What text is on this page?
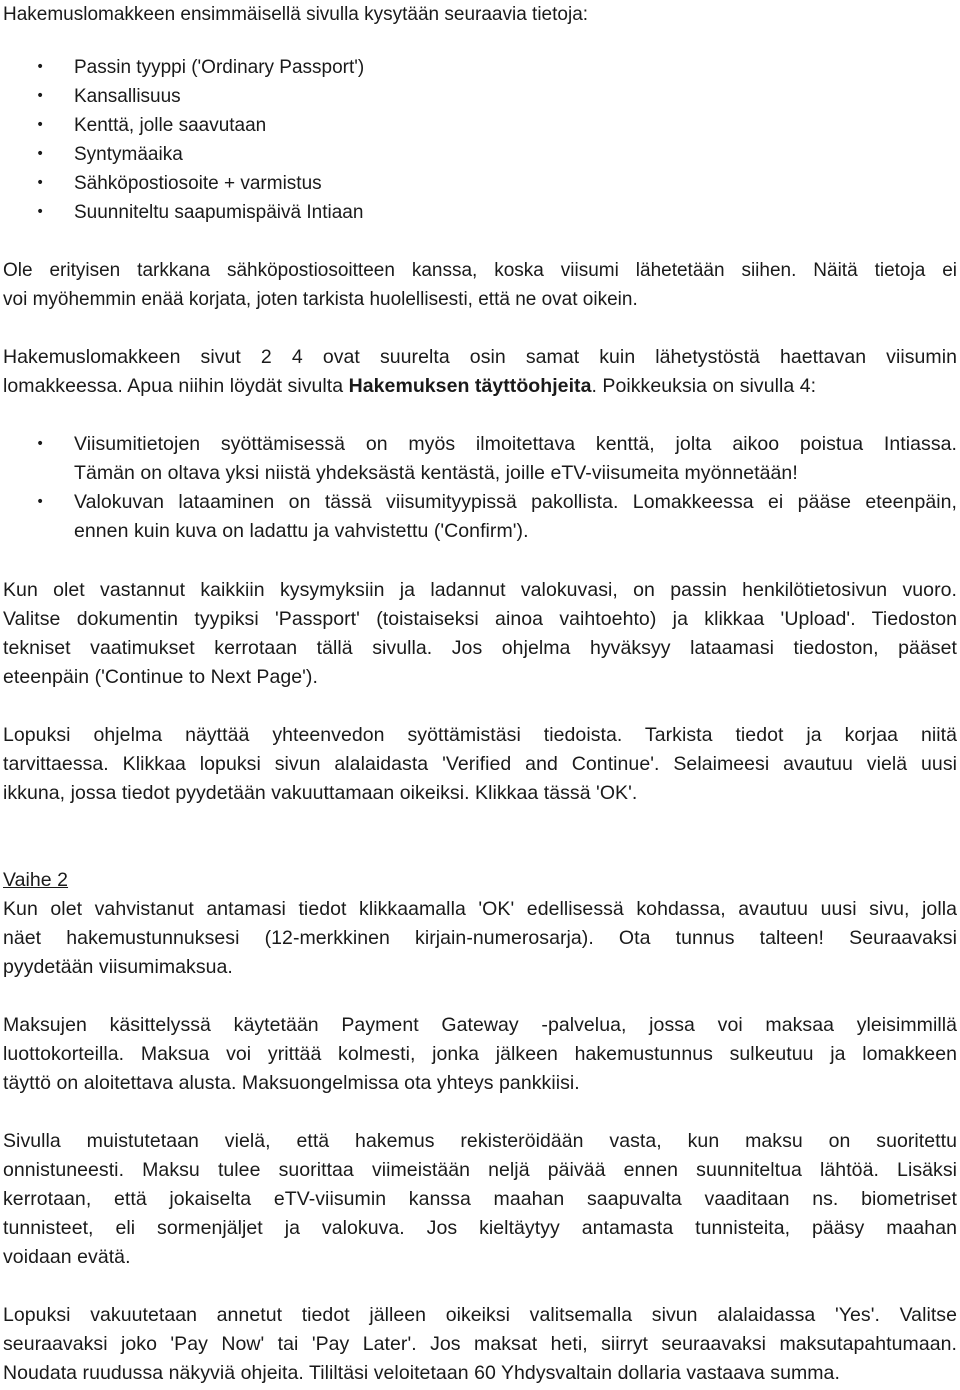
Hakemuslomakkeen ensimmäisellä sivulla kysytään seuraavia tietoja:
• Passin tyyppi ('Ordinary Passport')
• Kansallisuus
• Kenttä, jolle saavutaan
• Syntymäaika
• Sähköpostiosoite + varmistus
• Suunniteltu saapumispäivä Intiaan
Ole erityisen tarkkana sähköpostiosoitteen kanssa, koska viisumi lähetetään siihen. Näitä tietoja ei
voi myöhemmin enää korjata, joten tarkista huolellisesti, että ne ovat oikein.
Hakemuslomakkeen sivut 2 4 ovat suurelta osin samat kuin lähetystöstä haettavan viisumin
lomakkeessa. Apua niihin löydät sivulta Hakemuksen täyttöohjeita. Poikkeuksia on sivulla 4:
• Viisumitietojen syöttämisessä on myös ilmoitettava kenttä, jolta aikoo poistua Intiassa.
Tämän on oltava yksi niistä yhdeksästä kentästä, joille eTV-viisumeita myönnetään!
• Valokuvan lataaminen on tässä viisumityypissä pakollista. Lomakkeessa ei pääse eteenpäin,
ennen kuin kuva on ladattu ja vahvistettu ('Confirm').
Kun olet vastannut kaikkiin kysymyksiin ja ladannut valokuvasi, on passin henkilötietosivun vuoro.
Valitse dokumentin tyypiksi 'Passport' (toistaiseksi ainoa vaihtoehto) ja klikkaa 'Upload'. Tiedoston
tekniset vaatimukset kerrotaan tällä sivulla. Jos ohjelma hyväksyy lataamasi tiedoston, pääset
eteenpäin ('Continue to Next Page').
Lopuksi ohjelma näyttää yhteenvedon syöttämistäsi tiedoista. Tarkista tiedot ja korjaa niitä
tarvittaessa. Klikkaa lopuksi sivun alalaidasta 'Verified and Continue'. Selaimeesi avautuu vielä uusi
ikkuna, jossa tiedot pyydetään vakuuttamaan oikeiksi. Klikkaa tässä 'OK'.
Vaihe 2
Kun olet vahvistanut antamasi tiedot klikkaamalla 'OK' edellisessä kohdassa, avautuu uusi sivu, jolla
näet hakemustunnuksesi (12-merkkinen kirjain-numerosarja). Ota tunnus talteen! Seuraavaksi
pyydetään viisumimaksua.
Maksujen käsittelyssä käytetään Payment Gateway -palvelua, jossa voi maksaa yleisimmillä
luottokorteilla. Maksua voi yrittää kolmesti, jonka jälkeen hakemustunnus sulkeutuu ja lomakkeen
täyttö on aloitettava alusta. Maksuongelmissa ota yhteys pankkiisi.
Sivulla muistutetaan vielä, että hakemus rekisteröidään vasta, kun maksu on suoritettu
onnistuneesti. Maksu tulee suorittaa viimeistään neljä päivää ennen suunniteltua lähtöä. Lisäksi
kerrotaan, että jokaiselta eTV-viisumin kanssa maahan saapuvalta vaaditaan ns. biometriset
tunnisteet, eli sormenjäljet ja valokuva. Jos kieltäytyy antamasta tunnisteita, pääsy maahan
voidaan evätä.
Lopuksi vakuutetaan annetut tiedot jälleen oikeiksi valitsemalla sivun alalaidassa 'Yes'. Valitse
seuraavaksi joko 'Pay Now' tai 'Pay Later'. Jos maksat heti, siirryt seuraavaksi maksutapahtumaan.
Noudata ruudussa näkyviä ohjeita. Tililtäsi veloitetaan 60 Yhdysvaltain dollaria vastaava summa.
